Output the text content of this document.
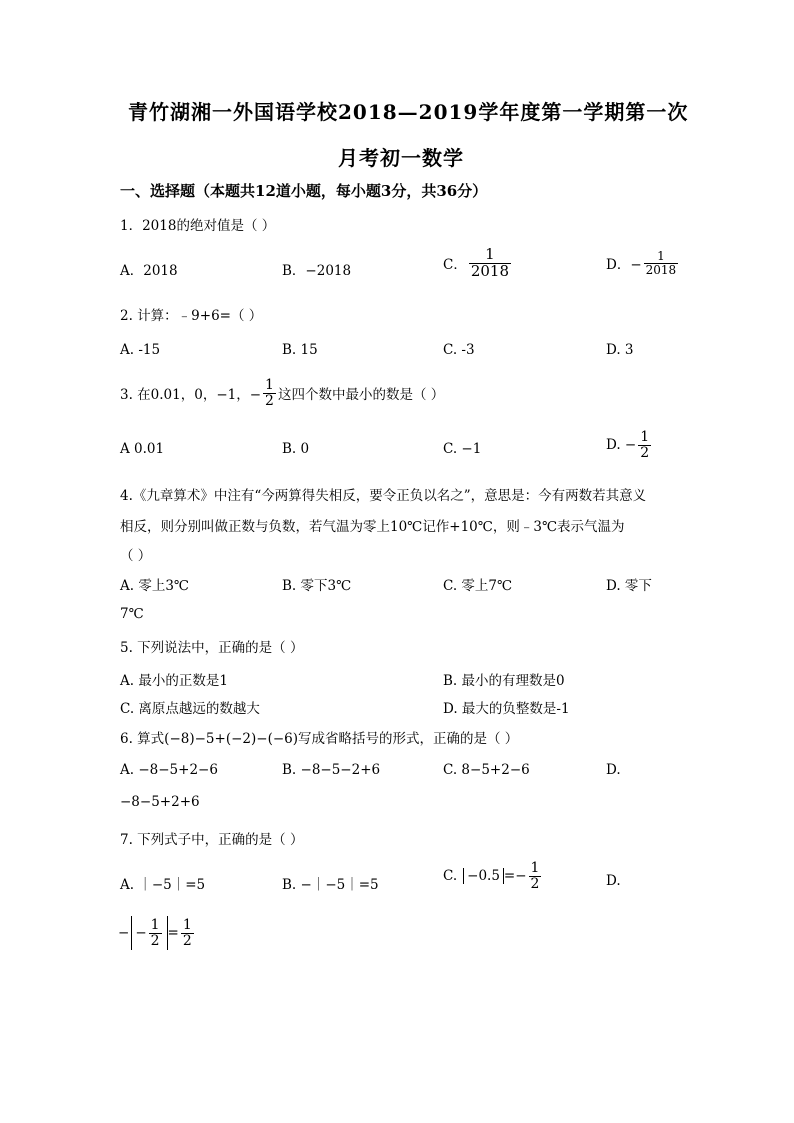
青竹湖湘一外国语学校2018—2019学年度第一学期第一次
月考初一数学
一、选择题（本题共12道小题，每小题3分，共36分）
1．2018的绝对值是（ ）
A．2018	B．−2018	C． $\frac{1}{2018}$	D．− $\frac{1}{2018}$
2. 计算：﹣9+6=（ ）
A. -15	B. 15	C. -3	D. 3
3. 在0.01，0，−1，− $\frac{1}{2}$ 这四个数中最小的数是（ ）
A 0.01	B. 0	C. −1	D. − $\frac{1}{2}$
4.《九章算术》中注有“今两算得失相反，要令正负以名之”，意思是：今有两数若其意义
相反，则分别叫做正数与负数，若气温为零上10℃记作+10℃，则﹣3℃表示气温为
（ ）
A. 零上3℃	B. 零下3℃	C. 零上7℃	D. 零下
7℃
5. 下列说法中，正确的是（ ）
A. 最小的正数是1	B. 最小的有理数是0
C. 离原点越远的数越大	D. 最大的负整数是-1
6. 算式(−8)−5+(−2)−(−6)写成省略括号的形式，正确的是（ ）
A. −8−5+2−6	B. −8−5−2+6	C. 8−5+2−6	D.
−8−5+2+6
7. 下列式子中，正确的是（ ）
A. ｜−5｜=5	B. −｜−5｜=5
C. $-0.5 =- \frac{1}{2}$	D.
− − $\frac{1}{2} = \frac{1}{2}$
